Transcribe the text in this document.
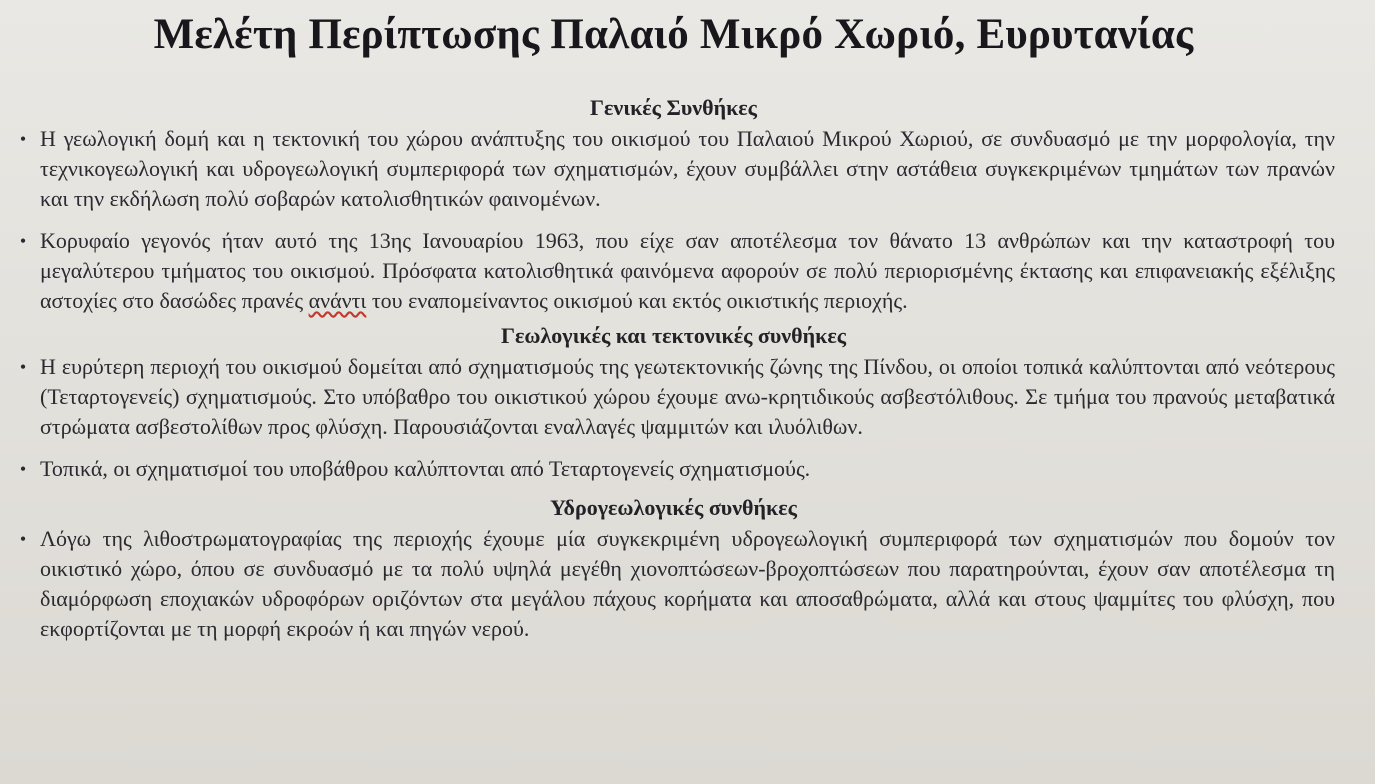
Μελέτη Περίπτωσης Παλαιό Μικρό Χωριό, Ευρυτανίας
Γενικές Συνθήκες
• Η γεωλογική δομή και η τεκτονική του χώρου ανάπτυξης του οικισμού του Παλαιού Μικρού Χωριού, σε συνδυασμό με την μορφολογία, την τεχνικογεωλογική και υδρογεωλογική συμπεριφορά των σχηματισμών, έχουν συμβάλλει στην αστάθεια συγκεκριμένων τμημάτων των πρανών και την εκδήλωση πολύ σοβαρών κατολισθητικών φαινομένων.
• Κορυφαίο γεγονός ήταν αυτό της 13ης Ιανουαρίου 1963, που είχε σαν αποτέλεσμα τον θάνατο 13 ανθρώπων και την καταστροφή του μεγαλύτερου τμήματος του οικισμού. Πρόσφατα κατολισθητικά φαινόμενα αφορούν σε πολύ περιορισμένης έκτασης και επιφανειακής εξέλιξης αστοχίες στο δασώδες πρανές ανάντι του εναπομείναντος οικισμού και εκτός οικιστικής περιοχής.
Γεωλογικές και τεκτονικές συνθήκες
• Η ευρύτερη περιοχή του οικισμού δομείται από σχηματισμούς της γεωτεκτονικής ζώνης της Πίνδου, οι οποίοι τοπικά καλύπτονται από νεότερους (Τεταρτογενείς) σχηματισμούς. Στο υπόβαθρο του οικιστικού χώρου έχουμε ανω-κρητιδικούς ασβεστόλιθους. Σε τμήμα του πρανούς μεταβατικά στρώματα ασβεστολίθων προς φλύσχη. Παρουσιάζονται εναλλαγές ψαμμιτών και ιλυόλιθων.
• Τοπικά, οι σχηματισμοί του υποβάθρου καλύπτονται από Τεταρτογενείς σχηματισμούς.
Υδρογεωλογικές συνθήκες
• Λόγω της λιθοστρωματογραφίας της περιοχής έχουμε μία συγκεκριμένη υδρογεωλογική συμπεριφορά των σχηματισμών που δομούν τον οικιστικό χώρο, όπου σε συνδυασμό με τα πολύ υψηλά μεγέθη χιονοπτώσεων-βροχοπτώσεων που παρατηρούνται, έχουν σαν αποτέλεσμα τη διαμόρφωση εποχιακών υδροφόρων οριζόντων στα μεγάλου πάχους κορήματα και αποσαθρώματα, αλλά και στους ψαμμίτες του φλύσχη, που εκφορτίζονται με τη μορφή εκροών ή και πηγών νερού.
